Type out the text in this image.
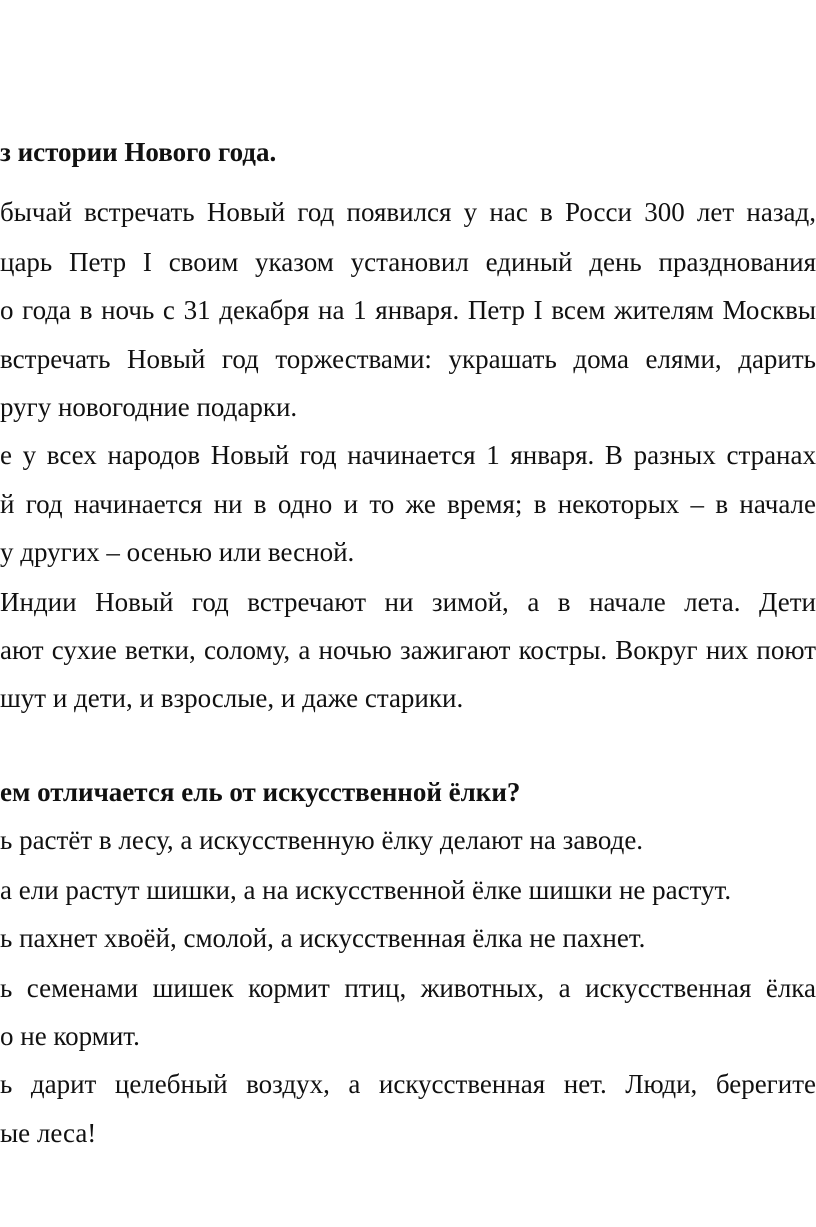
з истории Нового года.

бычай встречать Новый год появился у нас в Росси 300 лет назад,

царь Петр I своим указом установил единый день празднования

о года в ночь с 31 декабря на 1 января. Петр I всем жителям Москвы

встречать Новый год торжествами: украшать дома елями, дарить

ругу новогодние подарки.

е у всех народов Новый год начинается 1 января. В разных странах

й год начинается ни в одно и то же время; в некоторых – в начале

у других – осенью или весной.

Индии Новый год встречают ни зимой, а в начале лета. Дети

ают сухие ветки, солому, а ночью зажигают костры. Вокруг них поют

шут и дети, и взрослые, и даже старики.

ем отличается ель от искусственной ёлки?

ь растёт в лесу, а искусственную ёлку делают на заводе.

а ели растут шишки, а на искусственной ёлке шишки не растут.

ь пахнет хвоёй, смолой, а искусственная ёлка не пахнет.

ь семенами шишек кормит птиц, животных, а искусственная ёлка

о не кормит.

ь дарит целебный воздух, а искусственная нет. Люди, берегите

ые леса!
